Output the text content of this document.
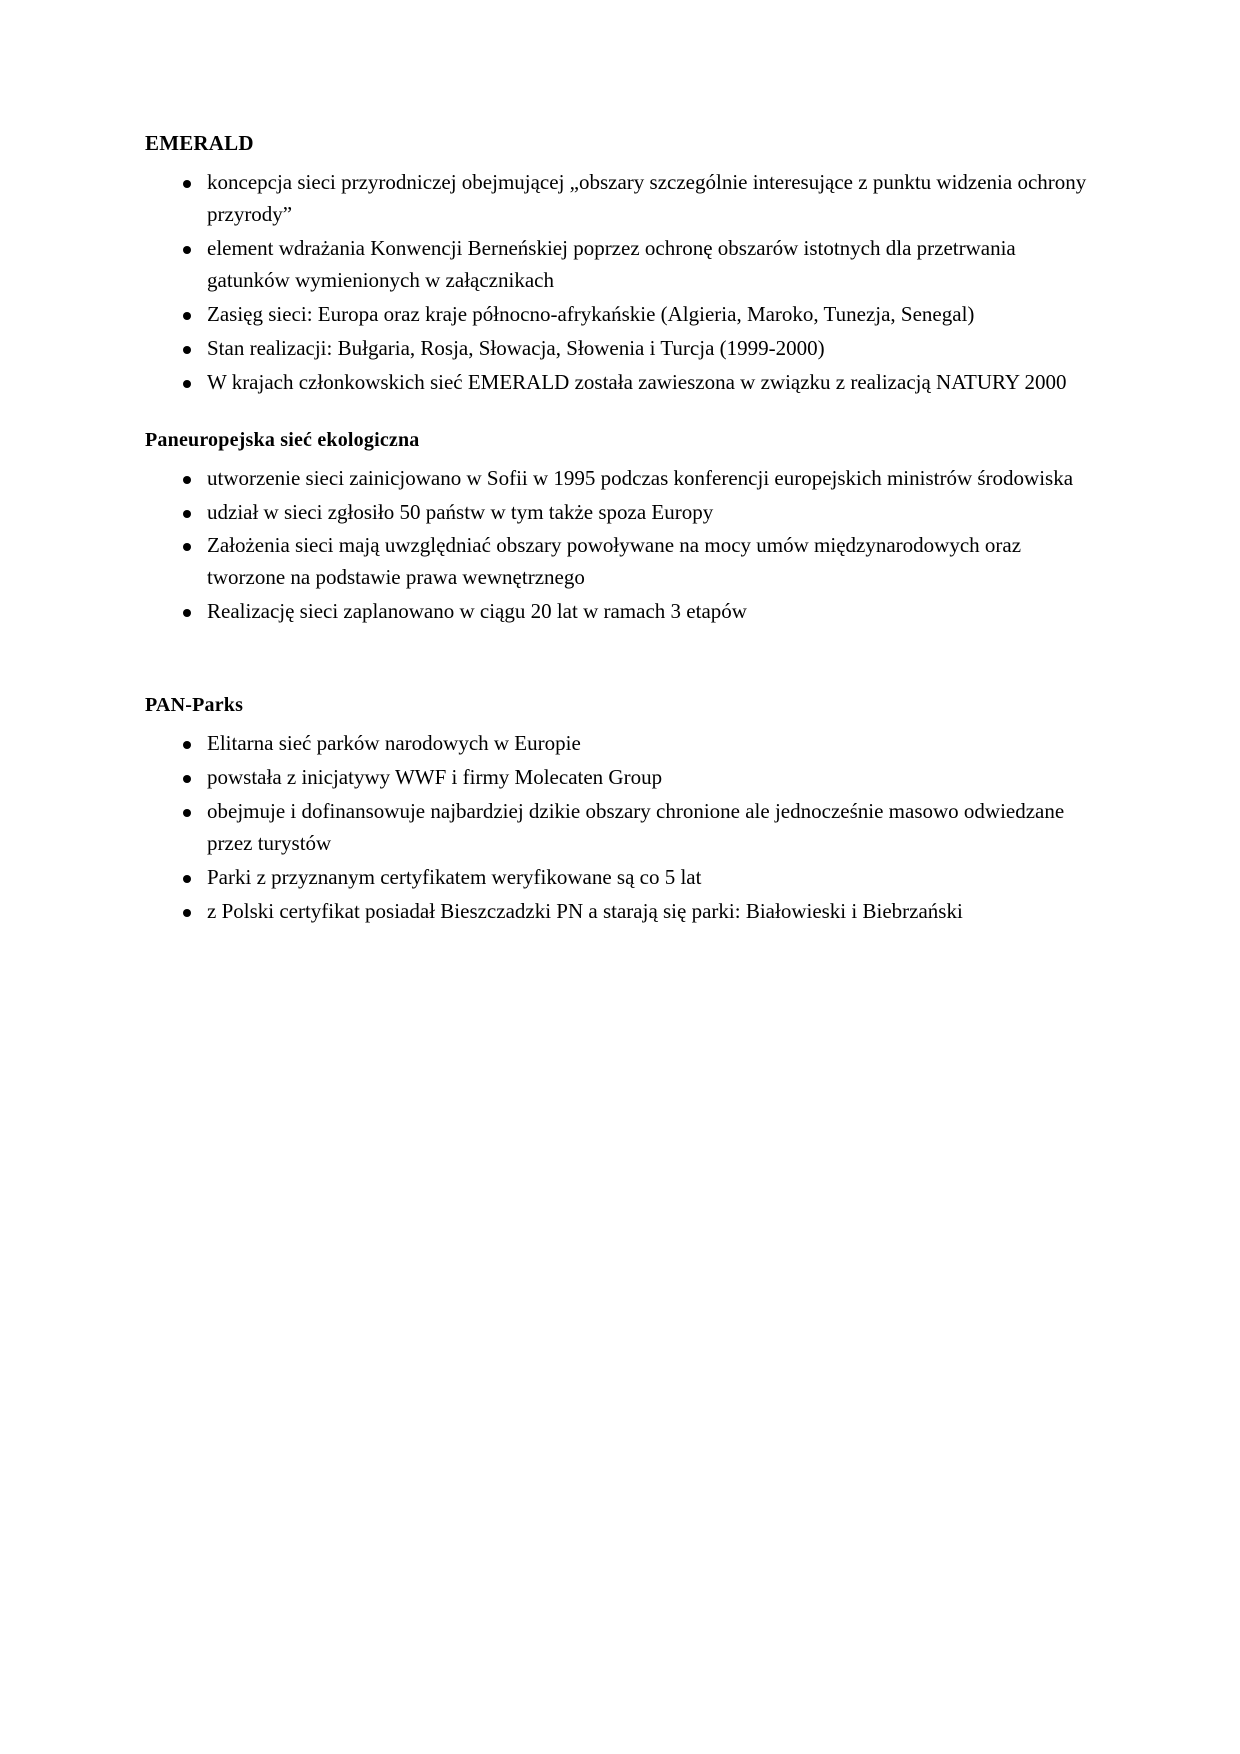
EMERALD
koncepcja sieci przyrodniczej obejmującej „obszary szczególnie interesujące z punktu widzenia ochrony przyrody”
element wdrażania Konwencji Berneńskiej poprzez ochronę obszarów istotnych dla przetrwania gatunków wymienionych w załącznikach
Zasięg sieci: Europa oraz kraje północno-afrykańskie (Algieria, Maroko, Tunezja, Senegal)
Stan realizacji: Bułgaria, Rosja, Słowacja, Słowenia i Turcja (1999-2000)
W krajach członkowskich sieć EMERALD została zawieszona w związku z realizacją NATURY 2000
Paneuropejska sieć ekologiczna
utworzenie sieci zainicjowano w Sofii w 1995 podczas konferencji europejskich ministrów środowiska
udział w sieci zgłosiło 50 państw w tym także spoza Europy
Założenia sieci mają uwzględniać obszary powoływane na mocy umów międzynarodowych oraz tworzone na podstawie prawa wewnętrznego
Realizację sieci zaplanowano w ciągu 20 lat w ramach 3 etapów
PAN-Parks
Elitarna sieć parków narodowych w Europie
powstała z inicjatywy WWF i firmy Molecaten Group
obejmuje i dofinansowuje najbardziej dzikie obszary chronione ale jednocześnie masowo odwiedzane przez turystów
Parki z przyznanym certyfikatem weryfikowane są co 5 lat
z Polski certyfikat posiadał Bieszczadzki PN a starają się parki: Białowieski i Biebrzański
